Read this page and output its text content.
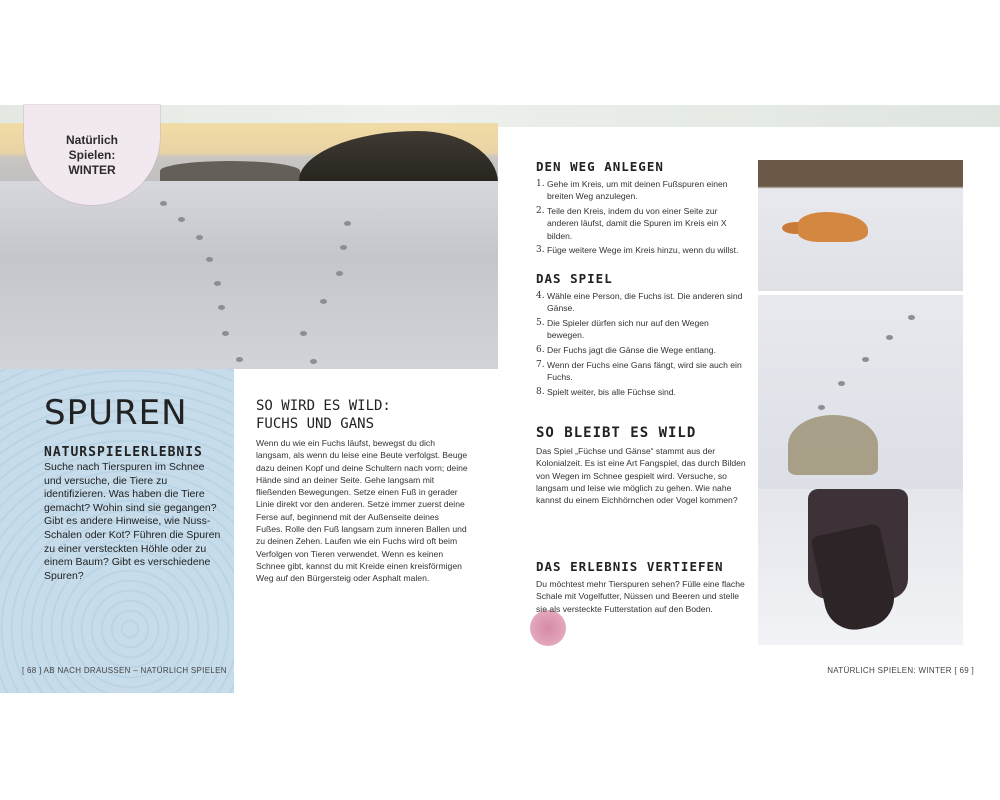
Natürlich
Spielen:
WINTER
SPUREN
NATURSPIELERLEBNIS
Suche nach Tierspuren im Schnee und versuche, die Tiere zu identifizieren. Was haben die Tiere gemacht? Wohin sind sie gegangen? Gibt es andere Hinweise, wie Nuss-Schalen oder Kot? Führen die Spuren zu einer versteckten Höhle oder zu einem Baum? Gibt es verschiedene Spuren?
SO WIRD ES WILD:
FUCHS UND GANS
Wenn du wie ein Fuchs läufst, bewegst du dich langsam, als wenn du leise eine Beute verfolgst. Beuge dazu deinen Kopf und deine Schultern nach vorn; deine Hände sind an deiner Seite. Gehe langsam mit fließenden Bewegungen. Setze einen Fuß in gerader Linie direkt vor den anderen. Setze immer zuerst deine Ferse auf, beginnend mit der Außenseite deines Fußes. Rolle den Fuß langsam zum inneren Ballen und zu deinen Zehen. Laufen wie ein Fuchs wird oft beim Verfolgen von Tieren verwendet. Wenn es keinen Schnee gibt, kannst du mit Kreide einen kreisförmigen Weg auf den Bürgersteig oder Asphalt malen.
[ 68 ] AB NACH DRAUSSEN – NATÜRLICH SPIELEN
DEN WEG ANLEGEN
1. Gehe im Kreis, um mit deinen Fußspuren einen breiten Weg anzulegen.
2. Teile den Kreis, indem du von einer Seite zur anderen läufst, damit die Spuren im Kreis ein X bilden.
3. Füge weitere Wege im Kreis hinzu, wenn du willst.
DAS SPIEL
4. Wähle eine Person, die Fuchs ist. Die anderen sind Gänse.
5. Die Spieler dürfen sich nur auf den Wegen bewegen.
6. Der Fuchs jagt die Gänse die Wege entlang.
7. Wenn der Fuchs eine Gans fängt, wird sie auch ein Fuchs.
8. Spielt weiter, bis alle Füchse sind.
SO BLEIBT ES WILD

Das Spiel „Füchse und Gänse“ stammt aus der Kolonialzeit. Es ist eine Art Fangspiel, das durch Bilden von Wegen im Schnee gespielt wird. Versuche, so langsam und leise wie möglich zu gehen. Wie nahe kannst du einem Eichhörnchen oder Vogel kommen?

DAS ERLEBNIS VERTIEFEN

Du möchtest mehr Tierspuren sehen? Fülle eine flache Schale mit Vogelfutter, Nüssen und Beeren und stelle sie als versteckte Futterstation auf den Boden.

NATÜRLICH SPIELEN: WINTER [ 69 ]
